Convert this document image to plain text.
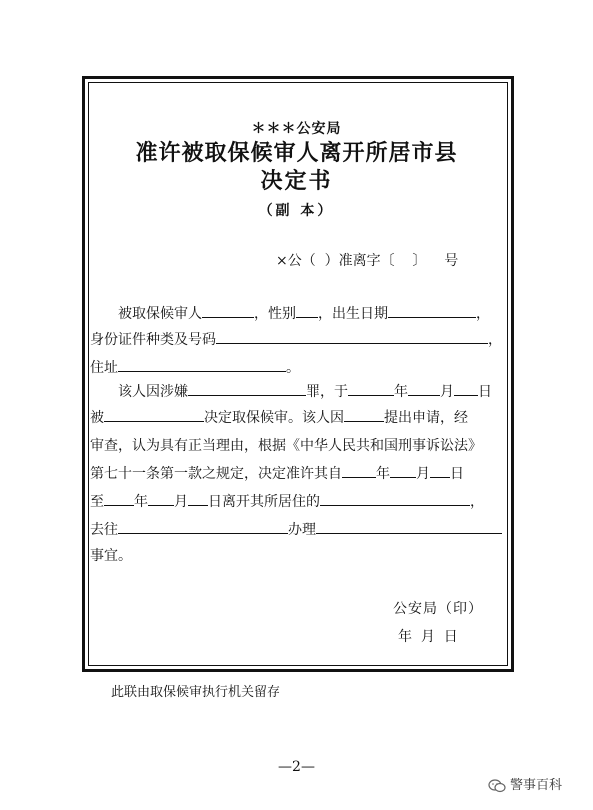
＊＊＊公安局
准许被取保候审人离开所居市县
决定书
（副 本）
×公（  ）准离字〔    〕    号
被取保候审人	，性别 ，出生日期	，
身份证件种类及号码	，
住址	。
该人因涉嫌	罪，于	年 月 日
被	决定取保候审。该人因	提出申请，经
审查，认为具有正当理由，根据《中华人民共和国刑事诉讼法》
第七十一条第一款之规定，决定准许其自 年 月 日
至 年 月 日离开其所居住的	，
去往	办理
事宜。
公安局（印）
年  月  日
此联由取保候审执行机关留存
—2—
警事百科
